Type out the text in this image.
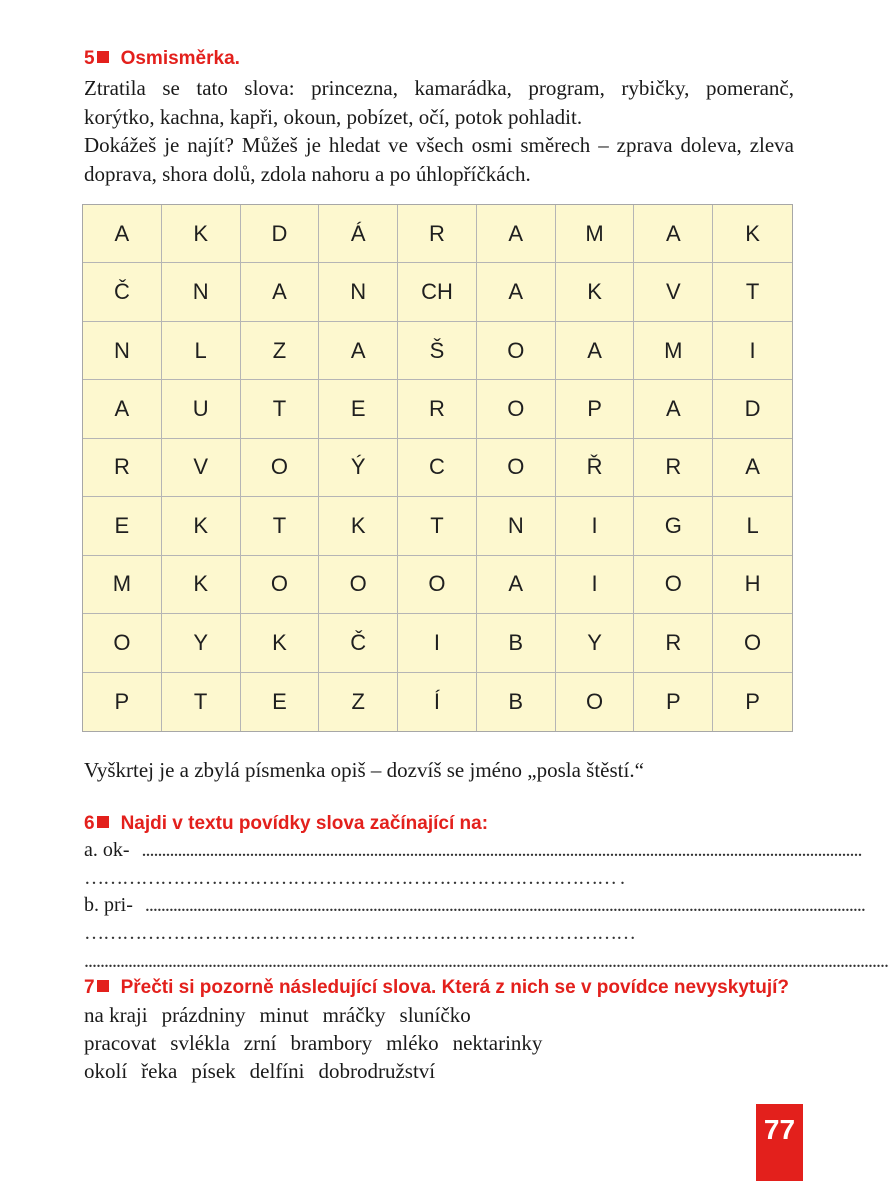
5 Osmisměrka.
Ztratila se tato slova: princezna, kamarádka, program, rybičky, pomeranč,
korýtko, kachna, kapři, okoun, pobízet, očí, potok pohladit.
Dokážeš je najít? Můžeš je hledat ve všech osmi směrech – zprava doleva, zleva
doprava, shora dolů, zdola nahoru a po úhlopříčkách.
A	K	D	Á	R	A	M	A	K
Č	N	A	N	CH	A	K	V	T
N	L	Z	A	Š	O	A	M	I
A	U	T	E	R	O	P	A	D
R	V	O	Ý	C	O	Ř	R	A
E	K	T	K	T	N	I	G	L
M	K	O	O	O	A	I	O	H
O	Y	K	Č	I	B	Y	R	O
P	T	E	Z	Í	B	O	P	P
Vyškrtej je a zbylá písmenka opiš – dozvíš se jméno „posla štěstí.“
6 Najdi v textu povídky slova začínající na:
a. ok- ....................................................................................................................................................................................
………………………………………………………………………… .
b. pri- ....................................................................................................................................................................................
……………………………………………………………………………
.........................................................................................................................................................................................................
7 Přečti si pozorně následující slova. Která z nich se v povídce nevyskytují?
na kraji prázdniny minut mráčky sluníčko
pracovat svlékla zrní brambory mléko nektarinky
okolí řeka písek delfíni dobrodružství
77
